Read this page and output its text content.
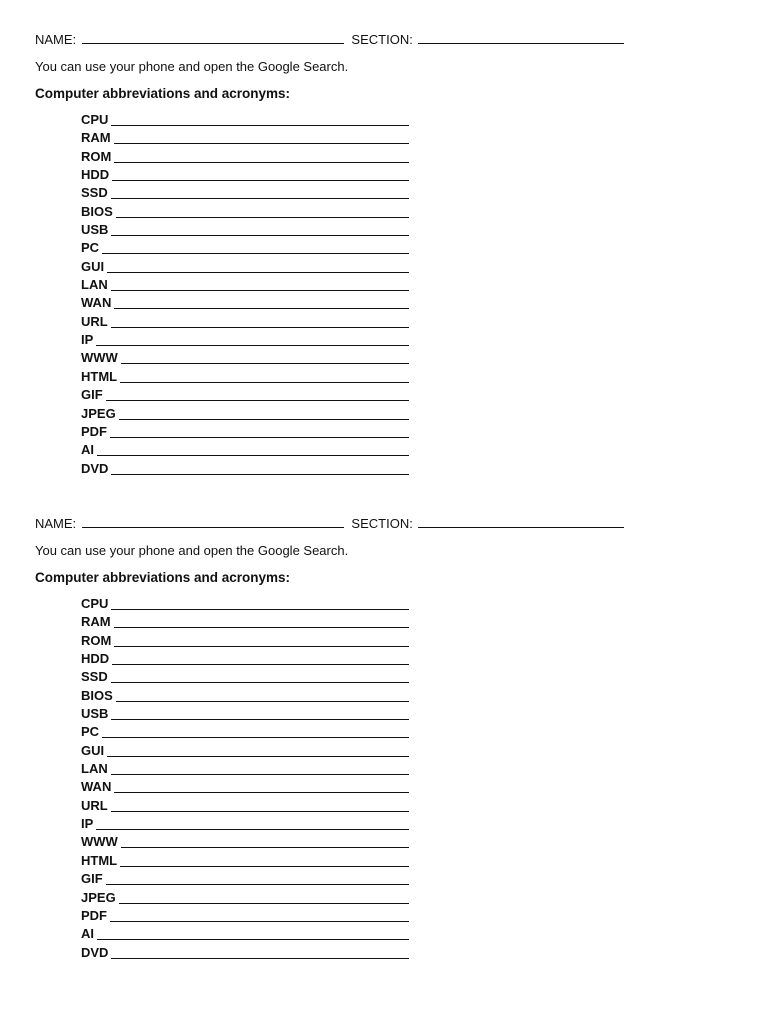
NAME:	SECTION:
You can use your phone and open the Google Search.
Computer abbreviations and acronyms:
CPU
RAM
ROM
HDD
SSD
BIOS
USB
PC
GUI
LAN
WAN
URL
IP
WWW
HTML
GIF
JPEG
PDF
AI
DVD
NAME:	SECTION:
You can use your phone and open the Google Search.
Computer abbreviations and acronyms:
CPU
RAM
ROM
HDD
SSD
BIOS
USB
PC
GUI
LAN
WAN
URL
IP
WWW
HTML
GIF
JPEG
PDF
AI
DVD
